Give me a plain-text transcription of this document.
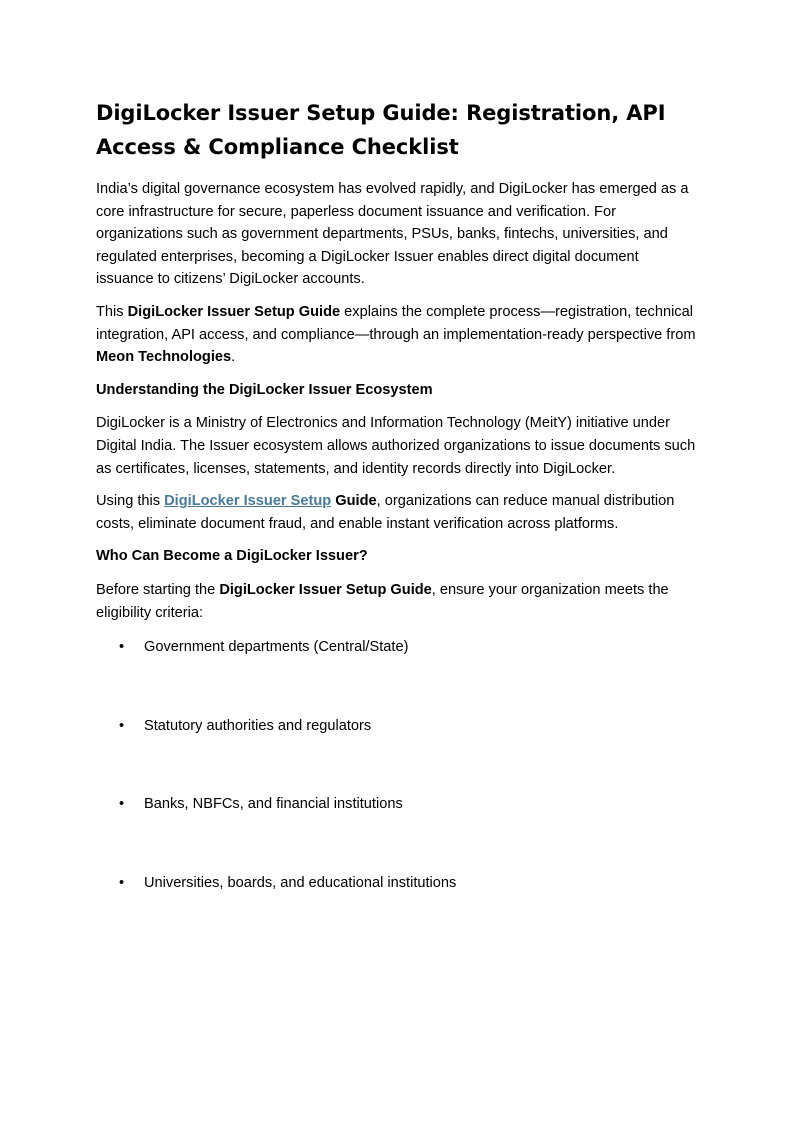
DigiLocker Issuer Setup Guide: Registration, API Access & Compliance Checklist

India’s digital governance ecosystem has evolved rapidly, and DigiLocker has emerged as a core infrastructure for secure, paperless document issuance and verification. For organizations such as government departments, PSUs, banks, fintechs, universities, and regulated enterprises, becoming a DigiLocker Issuer enables direct digital document issuance to citizens’ DigiLocker accounts.

This DigiLocker Issuer Setup Guide explains the complete process—registration, technical integration, API access, and compliance—through an implementation-ready perspective from Meon Technologies.

Understanding the DigiLocker Issuer Ecosystem

DigiLocker is a Ministry of Electronics and Information Technology (MeitY) initiative under Digital India. The Issuer ecosystem allows authorized organizations to issue documents such as certificates, licenses, statements, and identity records directly into DigiLocker.

Using this DigiLocker Issuer Setup Guide, organizations can reduce manual distribution costs, eliminate document fraud, and enable instant verification across platforms.

Who Can Become a DigiLocker Issuer?

Before starting the DigiLocker Issuer Setup Guide, ensure your organization meets the eligibility criteria:

• Government departments (Central/State)
• Statutory authorities and regulators
• Banks, NBFCs, and financial institutions
• Universities, boards, and educational institutions
